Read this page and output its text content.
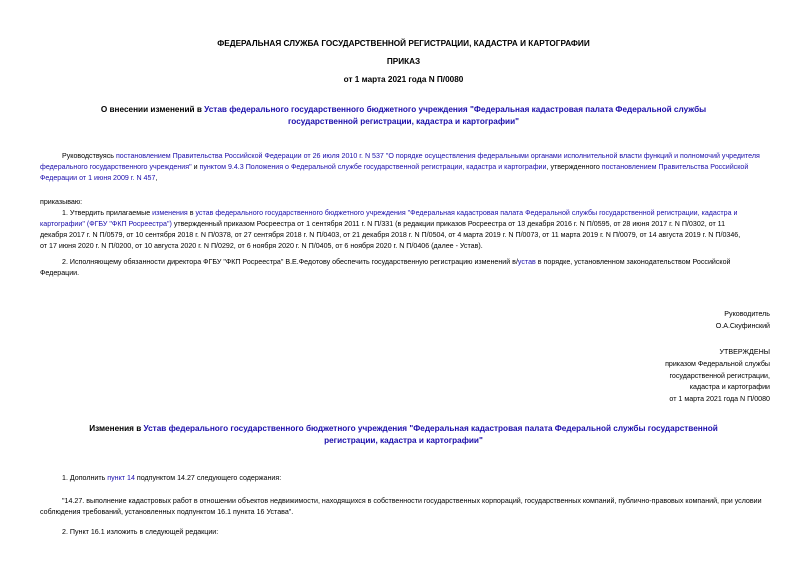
ФЕДЕРАЛЬНАЯ СЛУЖБА ГОСУДАРСТВЕННОЙ РЕГИСТРАЦИИ, КАДАСТРА И КАРТОГРАФИИ
ПРИКАЗ
от 1 марта 2021 года N П/0080
О внесении изменений в Устав федерального государственного бюджетного учреждения "Федеральная кадастровая палата Федеральной службы
государственной регистрации, кадастра и картографии"
Руководствуясь постановлением Правительства Российской Федерации от 26 июля 2010 г. N 537 "О порядке осуществления федеральными органами исполнительной власти функций и полномочий учредителя
федерального государственного учреждения" и пунктом 9.4.3 Положения о Федеральной службе государственной регистрации, кадастра и картографии, утвержденного постановлением Правительства Российской
Федерации от 1 июня 2009 г. N 457,
приказываю:
1. Утвердить прилагаемые изменения в устав федерального государственного бюджетного учреждения "Федеральная кадастровая палата Федеральной службы государственной регистрации, кадастра и
картографии" (ФГБУ "ФКП Росреестра") утвержденный приказом Росреестра от 1 сентября 2011 г. N П/331 (в редакции приказов Росреестра от 13 декабря 2016 г. N П/0595, от 28 июня 2017 г. N П/0302, от 11
декабря 2017 г. N П/0579, от 10 сентября 2018 г. N П/0378, от 27 сентября 2018 г. N П/0403, от 21 декабря 2018 г. N П/0504, от 4 марта 2019 г. N П/0073, от 11 марта 2019 г. N П/0079, от 14 августа 2019 г. N П/0346,
от 17 июня 2020 г. N П/0200, от 10 августа 2020 г. N П/0292, от 6 ноября 2020 г. N П/0405, от 6 ноября 2020 г. N П/0406 (далее - Устав).
2. Исполняющему обязанности директора ФГБУ "ФКП Росреестра" В.Е.Федотову обеспечить государственную регистрацию изменений в/устав в порядке, установленном законодательством Российской
Федерации.
Руководитель
О.А.Скуфинский
УТВЕРЖДЕНЫ
приказом Федеральной службы
государственной регистрации,
кадастра и картографии
от 1 марта 2021 года N П/0080
Изменения в Устав федерального государственного бюджетного учреждения "Федеральная кадастровая палата Федеральной службы государственной
регистрации, кадастра и картографии"
1. Дополнить пункт 14 подпунктом 14.27 следующего содержания:
"14.27. выполнение кадастровых работ в отношении объектов недвижимости, находящихся в собственности государственных корпораций, государственных компаний, публично-правовых компаний, при условии
соблюдения требований, установленных подпунктом 16.1 пункта 16 Устава".
2. Пункт 16.1 изложить в следующей редакции:
